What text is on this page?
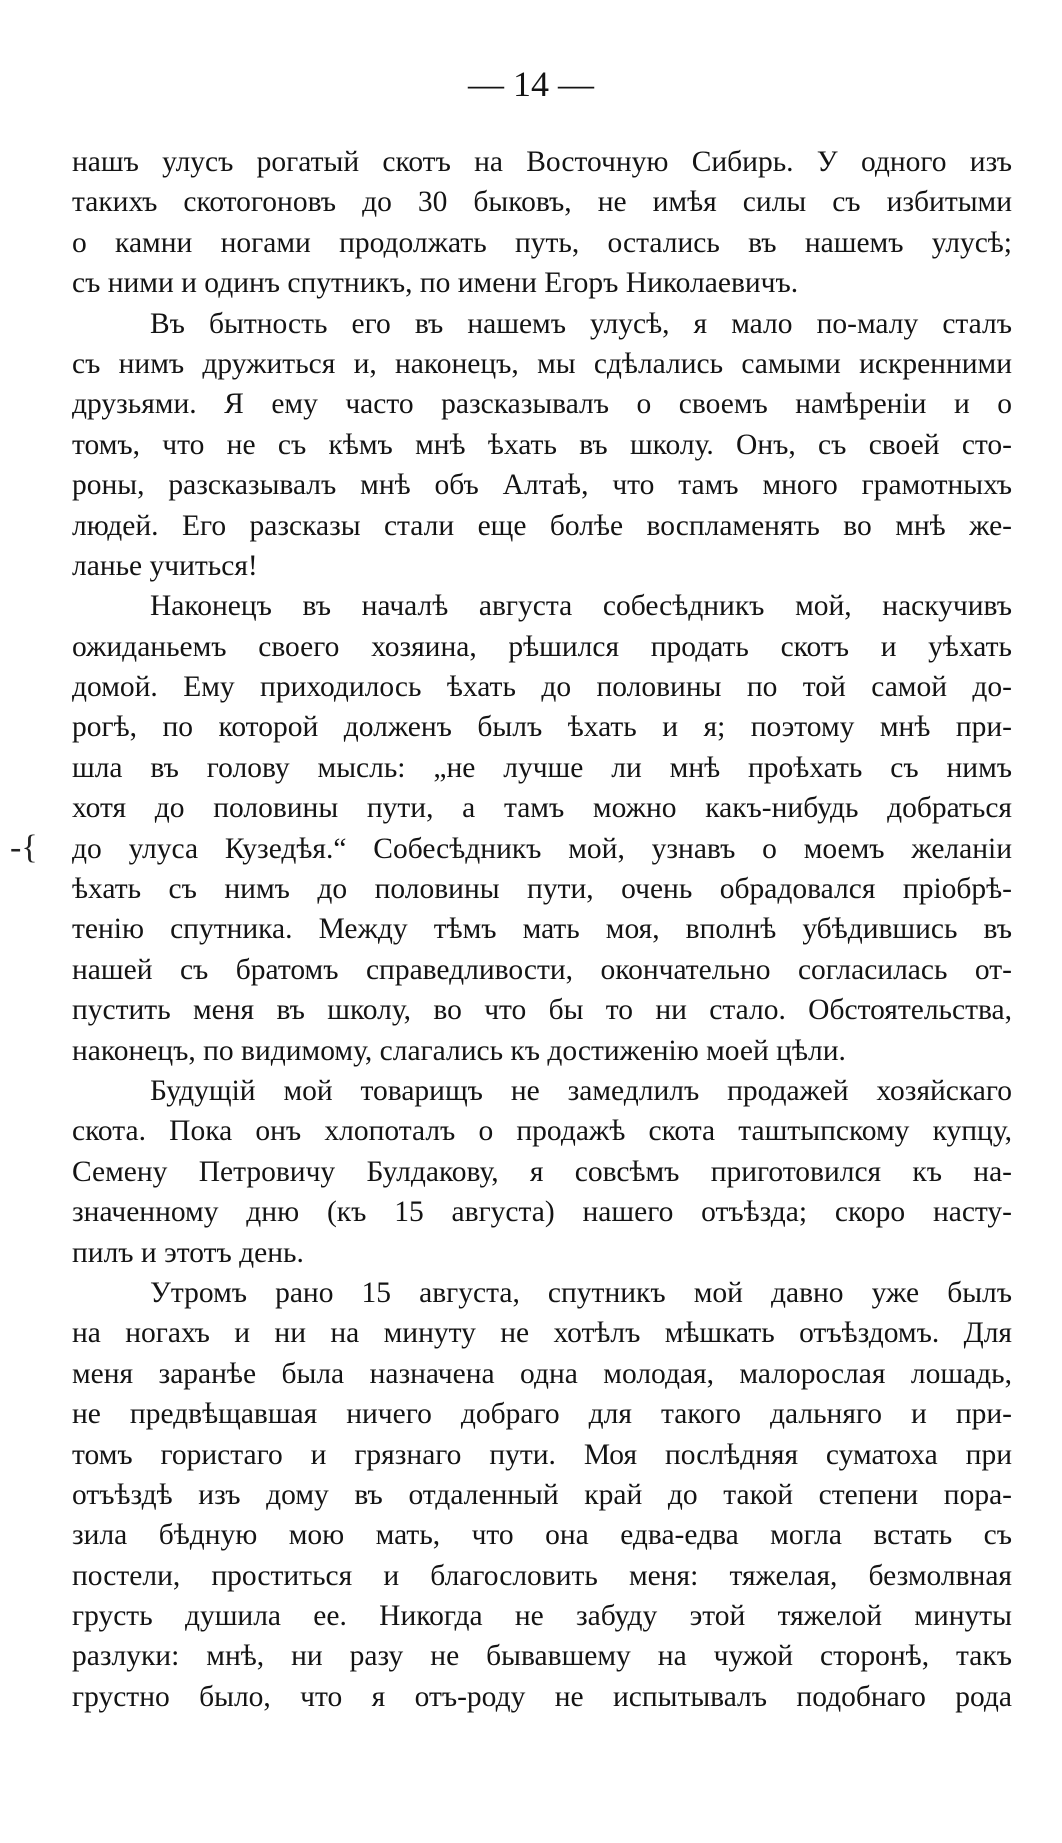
— 14 —
-{
нашъ улусъ рогатый скотъ на Восточную Сибирь. У одного изъ
такихъ скотогоновъ до 30 быковъ, не имѣя силы съ избитыми
о камни ногами продолжать путь, остались въ нашемъ улусѣ;
съ ними и одинъ спутникъ, по имени Егоръ Николаевичъ.
Въ бытность его въ нашемъ улусѣ, я мало по-малу сталъ
съ нимъ дружиться и, наконецъ, мы сдѣлались самыми искренними
друзьями. Я ему часто разсказывалъ о своемъ намѣреніи и о
томъ, что не съ кѣмъ мнѣ ѣхать въ школу. Онъ, съ своей сто-
роны, разсказывалъ мнѣ объ Алтаѣ, что тамъ много грамотныхъ
людей. Его разсказы стали еще болѣе воспламенять во мнѣ же-
ланье учиться!
Наконецъ въ началѣ августа собесѣдникъ мой, наскучивъ
ожиданьемъ своего хозяина, рѣшился продать скотъ и уѣхать
домой. Ему приходилось ѣхать до половины по той самой до-
рогѣ, по которой долженъ былъ ѣхать и я; поэтому мнѣ при-
шла въ голову мысль: „не лучше ли мнѣ проѣхать съ нимъ
хотя до половины пути, а тамъ можно какъ-нибудь добраться
до улуса Кузедѣя.“ Собесѣдникъ мой, узнавъ о моемъ желаніи
ѣхать съ нимъ до половины пути, очень обрадовался пріобрѣ-
тенію спутника. Между тѣмъ мать моя, вполнѣ убѣдившись въ
нашей съ братомъ справедливости, окончательно согласилась от-
пустить меня въ школу, во что бы то ни стало. Обстоятельства,
наконецъ, по видимому, слагались къ достиженію моей цѣли.
Будущій мой товарищъ не замедлилъ продажей хозяйскаго
скота. Пока онъ хлопоталъ о продажѣ скота таштыпскому купцу,
Семену Петровичу Булдакову, я совсѣмъ приготовился къ на-
значенному дню (къ 15 августа) нашего отъѣзда; скоро насту-
пилъ и этотъ день.
Утромъ рано 15 августа, спутникъ мой давно уже былъ
на ногахъ и ни на минуту не хотѣлъ мѣшкать отъѣздомъ. Для
меня заранѣе была назначена одна молодая, малорослая лошадь,
не предвѣщавшая ничего добраго для такого дальняго и при-
томъ гористаго и грязнаго пути. Моя послѣдняя суматоха при
отъѣздѣ изъ дому въ отдаленный край до такой степени пора-
зила бѣдную мою мать, что она едва-едва могла встать съ
постели, проститься и благословить меня: тяжелая, безмолвная
грусть душила ее. Никогда не забуду этой тяжелой минуты
разлуки: мнѣ, ни разу не бывавшему на чужой сторонѣ, такъ
грустно было, что я отъ-роду не испытывалъ подобнаго рода
